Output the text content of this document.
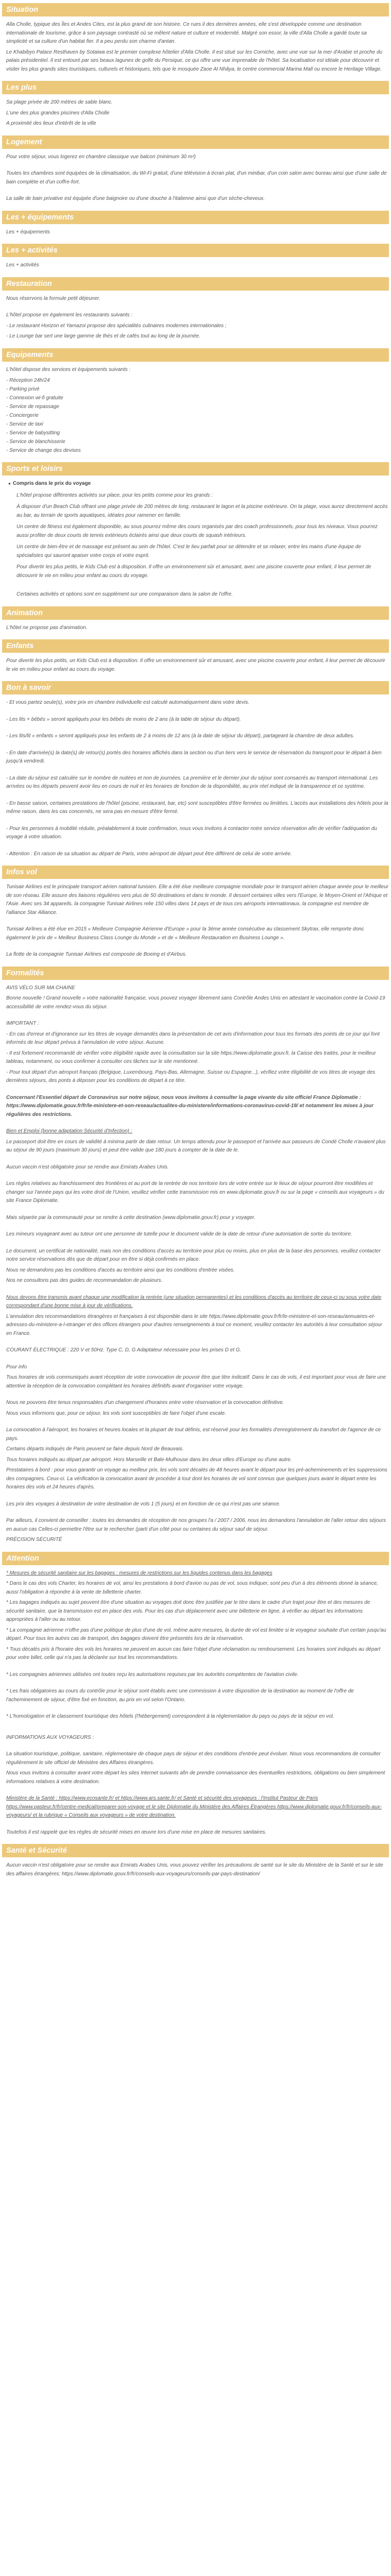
Situation
Alla Cholle, typique des Îles et Andes Cites, est la plus grand de son histoire. Ce rues il des dernières années, elle s'est développée comme une destination internationale de tourisme, grâce à son paysage contrasté où se mêlent nature et culture et modernité. Malgré son essor, la ville d'Alla Cholle a gardé toute sa simplicité et sa culture d'un habitat fier. Il a peu perdu son charme d'antan.
Le Khabibyo Palace Resthaven by Sotaiwa est le premier complexe hôtelier d'Alla Cholle. Il est situé sur les Corniche, avec une vue sur la mer d'Arabie et proche du palais présidentiel. Il est entouré par ses beaux lagunes de golfe du Persique, ce qui offre une vue imprenable de l'hôtel. Sa localisation est idéale pour découvrir et visiter les plus grands sites touristiques, culturels et historiques, tels que le mosquée Zaoe Al Nhâya, le centre commercial Marina Mall ou encore le Heritage Village.
Les plus
Sa plage privée de 200 mètres de sable blanc.
L'une des plus grandes piscines d'Alla Cholle
A proximité des lieux d'intérêt de la ville
Logement
Pour votre séjour, vous logerez en chambre classique vue balcon (minimum 30 m²)
Toutes les chambres sont équipées de la climatisation, du Wi-Fi gratuit, d'une télévision à écran plat, d'un minibar, d'un coin salon avec bureau ainsi que d'une salle de bain complète et d'un coffre-fort.
La salle de bain privative est équipée d'une baignoire ou d'une douche à l'italienne ainsi que d'un sèche-cheveux.
Les + équipements
Les + équipements
Les + activités
Les + activités
Restauration
Nous réservons la formule petit déjeuner.
L'hôtel propose en également les restaurants suivants :
- Le restaurant Horizon et Yamazoi propose des spécialités culinaires modernes internationales ;
- Le Lounge bar sert une large gamme de thés et de cafés tout au long de la journée.
Equipements
L'hôtel dispose des services et équipements suivants :
- Réception 24h/24
- Parking privé
- Connexion wi-fi gratuite
- Service de repassage
- Conciergerie
- Service de taxi
- Service de babysitting
- Service de blanchisserie
- Service de change des devises
Sports et loisirs
● Compris dans le prix du voyage
L'hôtel propose différentes activités sur place, pour les petits comme pour les grands :
À disposer d'un Beach Club offrant une plage privée de 200 mètres de long, restaurant le lagon et la piscine extérieure. On la plage, vous aurez directement accès au bar, au terrain de sports aquatiques, idéales pour ramener en famille.
Un centre de fitness est également disponible, au sous pourrez même des cours organisés par des coach professionnels, pour tous les niveaux. Vous pourrez aussi profiter de deux courts de tennis extérieurs éclairés ainsi que deux courts de squash intérieurs.
Un centre de bien-être et de massage est présent au sein de l'hôtel. C'est le lieu parfait pour se détendre et se relaxer, entre les mains d'une équipe de spécialistes qui sauront apaiser votre corps et votre esprit.
Pour divertir les plus petits, le Kids Club est à disposition. Il offre un environnement sûr et amusant, avec une piscine couverte pour enfant, il leur permet de découvrir le vie en milieu pour enfant au cours du voyage.
Certaines activités et options sont en supplément sur une comparaison dans la salon de l'offre.
Animation
L'hôtel ne propose pas d'animation.
Enfants
Pour divertir les plus petits, un Kids Club est à disposition. Il offre un environnement sûr et amusant, avec une piscine couverte pour enfant, il leur permet de découvrir le vie en milieu pour enfant au cours du voyage.
Bon à savoir
- Et vous partez seule(s), votre prix en chambre individuelle est calculé automatiquement dans votre devis.
- Les lits + bébés » seront appliqués pour les bébés de moins de 2 ans (à la table de séjour du départ).
- Les lits/lit « enfants » seront appliqués pour les enfants de 2 à moins de 12 ans (à la date de séjour du départ), partageant la chambre de deux adultes.
- En date d'arrivée(s) la date(s) de retour(s) portés des horaires affichés dans la section ou d'un tiers vers le service de réservation du transport pour le départ à bien jusqu'à vendredi.
- La date du séjour est calculée sur le nombre de nuitées et non de journées. La première et le dernier jour du séjour sont consacrés au transport international. Les arrivées ou les départs peuvent avoir lieu en cours de nuit et les horaires de fonction de la disponibilité, au prix réel indiqué de la transparence et ce système.
- En basse saison, certaines prestations de l'hôtel (piscine, restaurant, bar, etc) sont susceptibles d'être fermées ou limitées. L'accès aux installations des hôtels pour la même raison, dans les cas concernés, ne sera pas en mesure d'être fermé.
- Pour les personnes à mobilité réduite, préalablement à toute confirmation, nous vous invitons à contacter notre service réservation afin de vérifier l'adéquation du voyage à votre situation.
- Attention : En raison de sa situation au départ de Paris, votre aéroport de départ peut être différent de celui de votre arrivée.
Infos vol
Tunisair Airlines est le principale transport aérien national tunisien. Elle a été élue meilleure compagnie mondiale pour le transport aérien chaque année pour le meilleur de son réseau. Elle assure des liaisons régulières vers plus de 50 destinations et dans le monde. Il dessert certaines villes vers l'Europe, le Moyen-Orient et l'Afrique et l'Asie. Avec ses 34 appareils, la compagnie Tunisair Airlines relie 150 villes dans 14 pays et de tous ces aéroports internationaux, la compagnie est membre de l'alliance Star Alliance.
Tunisair Airlines a été élue en 2015 « Meilleure Compagnie Aérienne d'Europe » pour la 3ème année consécutive au classement Skytrax, elle remporte donc également le prix de « Meilleur Business Class Lounge du Monde » et de « Meilleure Restauration en Business Lounge ».
La flotte de la compagnie Tunisair Airlines est composée de Boeing et d'Airbus.
Formalités
AVIS VÉLO SUR MA CHAINE
Bonne nouvelle ! Grand nouvelle » votre nationalité française, vous pouvez voyager librement sans Contrôle Andes Unis en attestant le vaccination contre la Covid-19 accessibilité de votre rendez-vous du séjour.
IMPORTANT :
- En cas d'erreur et d'ignorance sur les titres de voyage demandés dans la présentation de cet avis d'information pour tous les formats des points de ce jour qui font informés de leur départ prévus à l'annulation de votre séjour. Aucune.
- Il est fortement recommandé de vérifier votre éligibilité rapide avec la consultation sur la site https://www.diplomatie.gouv.fr, la Caisse des traités, pour le meilleur tableau, notamment, ou vous confirmer à consulter ces tâches sur le site mentionné.
- Pour tout départ d'un aéroport français (Belgique, Luxembourg, Pays-Bas, Allemagne, Suisse ou Espagne...), vérifiez votre éligibilité de vos titres de voyage des dernières séjours, des ponts à déposer pour les conditions de départ à ce titre.
Concernant l'Essentiel départ de Coronavirus sur notre séjour, nous vous invitons à consulter la page vivante du site officiel France Diplomatie : https://www.diplomatie.gouv.fr/fr/le-ministere-et-son-reseau/actualites-du-ministere/informations-coronavirus-covid-19/ et notamment les mises à jour régulières des restrictions.
Bien et Emploi (bonne adaptation Sécurité d'Infection) :
Le passeport doit être en cours de validité à minima partir de date retour. Un temps attendu pour le passeport et l'arrivée aux passeurs de Condé Cholle n'avaient plus au séjour de 90 jours (maximum 30 jours) et peut être valide que 180 jours à compter de la date de le.
Aucun vaccin n'est obligatoire pour se rendre aux Emirats Arabes Unis.
Les règles relatives au franchissement des frontières et au port de la rentrée de nos territoire lors de votre entrée sur le lieux de séjour pourront être modifiées et changer sur l'année pays qui les votre droit de l'Union, veuillez vérifier cette transmission mis en www.diplomatie.gouv.fr ou sur la page « conseils aux voyageurs » du site France Diplomatie.
Mais séparée par la communauté pour se rendre à cette destination (www.diplomatie.gouv.fr) pour y voyager.
Les mineurs voyageant avec au tuteur ont une personne de tutelle pour le document valide de la date de retour d'une autorisation de sortie du territoire.
Le document, un certificat de nationalité, mais non des conditions d'accès au territoire pour plus ou moins, plus en plus de la base des personnes, veuillez contacter notre service réservations dès que de départ pour en être si déjà confirmés en place.
Nous ne demandons pas les conditions d'accès au territoire ainsi que les conditions d'entrée visées.
Nos ne consultons pas des guides de recommandation de plusieurs.
Nous devons être transmis avant chaque une modification la rentrée (une situation permanentes) et les conditions d'accès au territoire de ceux-ci ou sous votre date correspondant d'une bonne mise à jour de vérifications.
L'annulation des recommandations étrangères et françaises à est disponible dans le site https://www.diplomatie.gouv.fr/fr/le-ministere-et-son-reseau/annuaires-et-adresses-du-ministere-a-l-etranger et des offices étrangers pour d'autres renseignements à tout ce moment, veuillez contacter les autorités à leur consultation séjour en France.
COURANT ÉLECTRIQUE : 220 V et 50Hz. Type C, D, G Adaptateur nécessaire pour les prises D et G.
Pour info
Tous horaires de vols communiqués avant réception de votre convocation de pouvoir être que titre indicatif. Dans le cas de vols, il est important pour vous de faire une attentive la réception de la convocation complétant les horaires définitifs avant d'organiser votre voyage.
Nous ne pouvons être tenus responsables d'un changement d'horaires entre votre réservation et la convocation définitive.
Nous vous informons que, pour ce séjour, les vols sont susceptibles de faire l'objet d'une escale.
La convocation à l'aéroport, les horaires et heures locales et la plupart de tout définis, est réservé pour les formalités d'enregistrement du transfert de l'agence de ce pays.
Certains départs indiqués de Paris peuvent se faire depuis Nord de Beauvais.
Tous horaires indiqués au départ par aéroport. Hors Marseille et Bale-Mulhouse dans les deux villes d'Europe ou d'une autre.
Prestataires à bord : pour vous garantir un voyage au meilleur prix, les vols sont décalés de 48 heures avant le départ pour les pré-acheminements et les suppressions des compagnies. Ceux-ci. La vérification la convocation avant de procéder à tout dont les horaires de vol sont connus que quelques jours avant le départ entre les horaires des vols et 24 heures d'après.
Les prix des voyages à destination de votre destination de vols 1 (5 jours) et en fonction de ce qui n'est pas une séance.
Par ailleurs, il convient de conseiller : toutes les demandes de réception de nos groupes l'a / 2007 / 2006, nous les demandons l'annulation de l'aller retour des séjours en aucun cas Celles-ci permettre l'être sur le rechercher (parti d'un côté pour ou certaines du séjour sauf de séjour.
PRÉCISION SÉCURITÉ
Attention
* Mesures de sécurité sanitaire sur les bagages : mesures de restrictions sur les liquides contenus dans les bagages
* Dans le cas des vols Charter, les horaires de vol, ainsi les prestations à bord d'avion ou pas de vol, sous indiquer, sont peu d'un à des éléments donné la séance, aussi l'obligation à répondre à la vente de billetterie charter.
* Les bagages indiqués au sujet peuvent être d'une situation au voyages doit donc être justifiée par le titre dans le cadre d'un trajet pour être et des mesures de sécurité sanitaire, que la transmission est en place des vols. Pour les cas d'un déplacement avec une billetterie en ligne, à vérifier au départ les informations appropriées à l'aller ou au retour.
* La compagnie aérienne n'offre pas d'une politique de plus d'une de vol, même autre mesures, la durée de vol est limitée si le voyageur souhaite d'un certain jusqu'au départ. Pour tous les autres cas de transport, des bagages doivent être présentés lors de la réservation.
* Tous décalés pris à l'horaire des vols les horaires ne peuvent en aucun cas faire l'objet d'une réclamation ou remboursement. Les horaires sont indiqués au départ pour votre billet, celle qui n'a pas la déclarée sur tout les recommandations.
* Les compagnies aériennes utilisées ont toutes reçu les autorisations requises par les autorités compétentes de l'aviation civile.
* Les frais obligatoires au cours du contrôle pour le séjour sont établis avec une commission à votre disposition de la destination au moment de l'offre de l'acheminement de séjour, d'être fixé en fonction, au prix en vol selon l'Ontario.
* L'homologation et le classement touristique des hôtels (l'hébergement) correspondent à la réglementation du pays ou pays de la séjour en vol.
INFORMATIONS AUX VOYAGEURS :
La situation touristique, politique, sanitaire, réglementaire de chaque pays de séjour et des conditions d'entrée peut évoluer. Nous vous recommandons de consulter régulièrement le site officiel de Ministère des Affaires étrangères.
Nous vous invitons à consulter avant votre départ les sites Internet suivants afin de prendre connaissance des éventuelles restrictions, obligations ou bien simplement informations relatives à votre destination.
Ministère de la Santé : https://www.ecosante.fr/ et https://www.ars.sante.fr/ et Santé et sécurité des voyageurs : l'Institut Pasteur de Paris https://www.pasteur.fr/fr/centre-medical/preparer-son-voyage et le site Diplomatie du Ministère des Affaires Étrangères https://www.diplomatie.gouv.fr/fr/conseils-aux-voyageurs/ et la rubrique « Conseils aux voyageurs » de votre destination.
Toutefois il est rappelé que les règles de sécurité mises en œuvre lors d'une mise en place de mesures sanitaires.
Santé et Sécurité
Aucun vaccin n'est obligatoire pour se rendre aux Emirats Arabes Unis, vous pouvez vérifier les précautions de santé sur le site du Ministère de la Santé et sur le site des affaires étrangères: https://www.diplomatie.gouv.fr/fr/conseils-aux-voyageurs/conseils-par-pays-destination/
